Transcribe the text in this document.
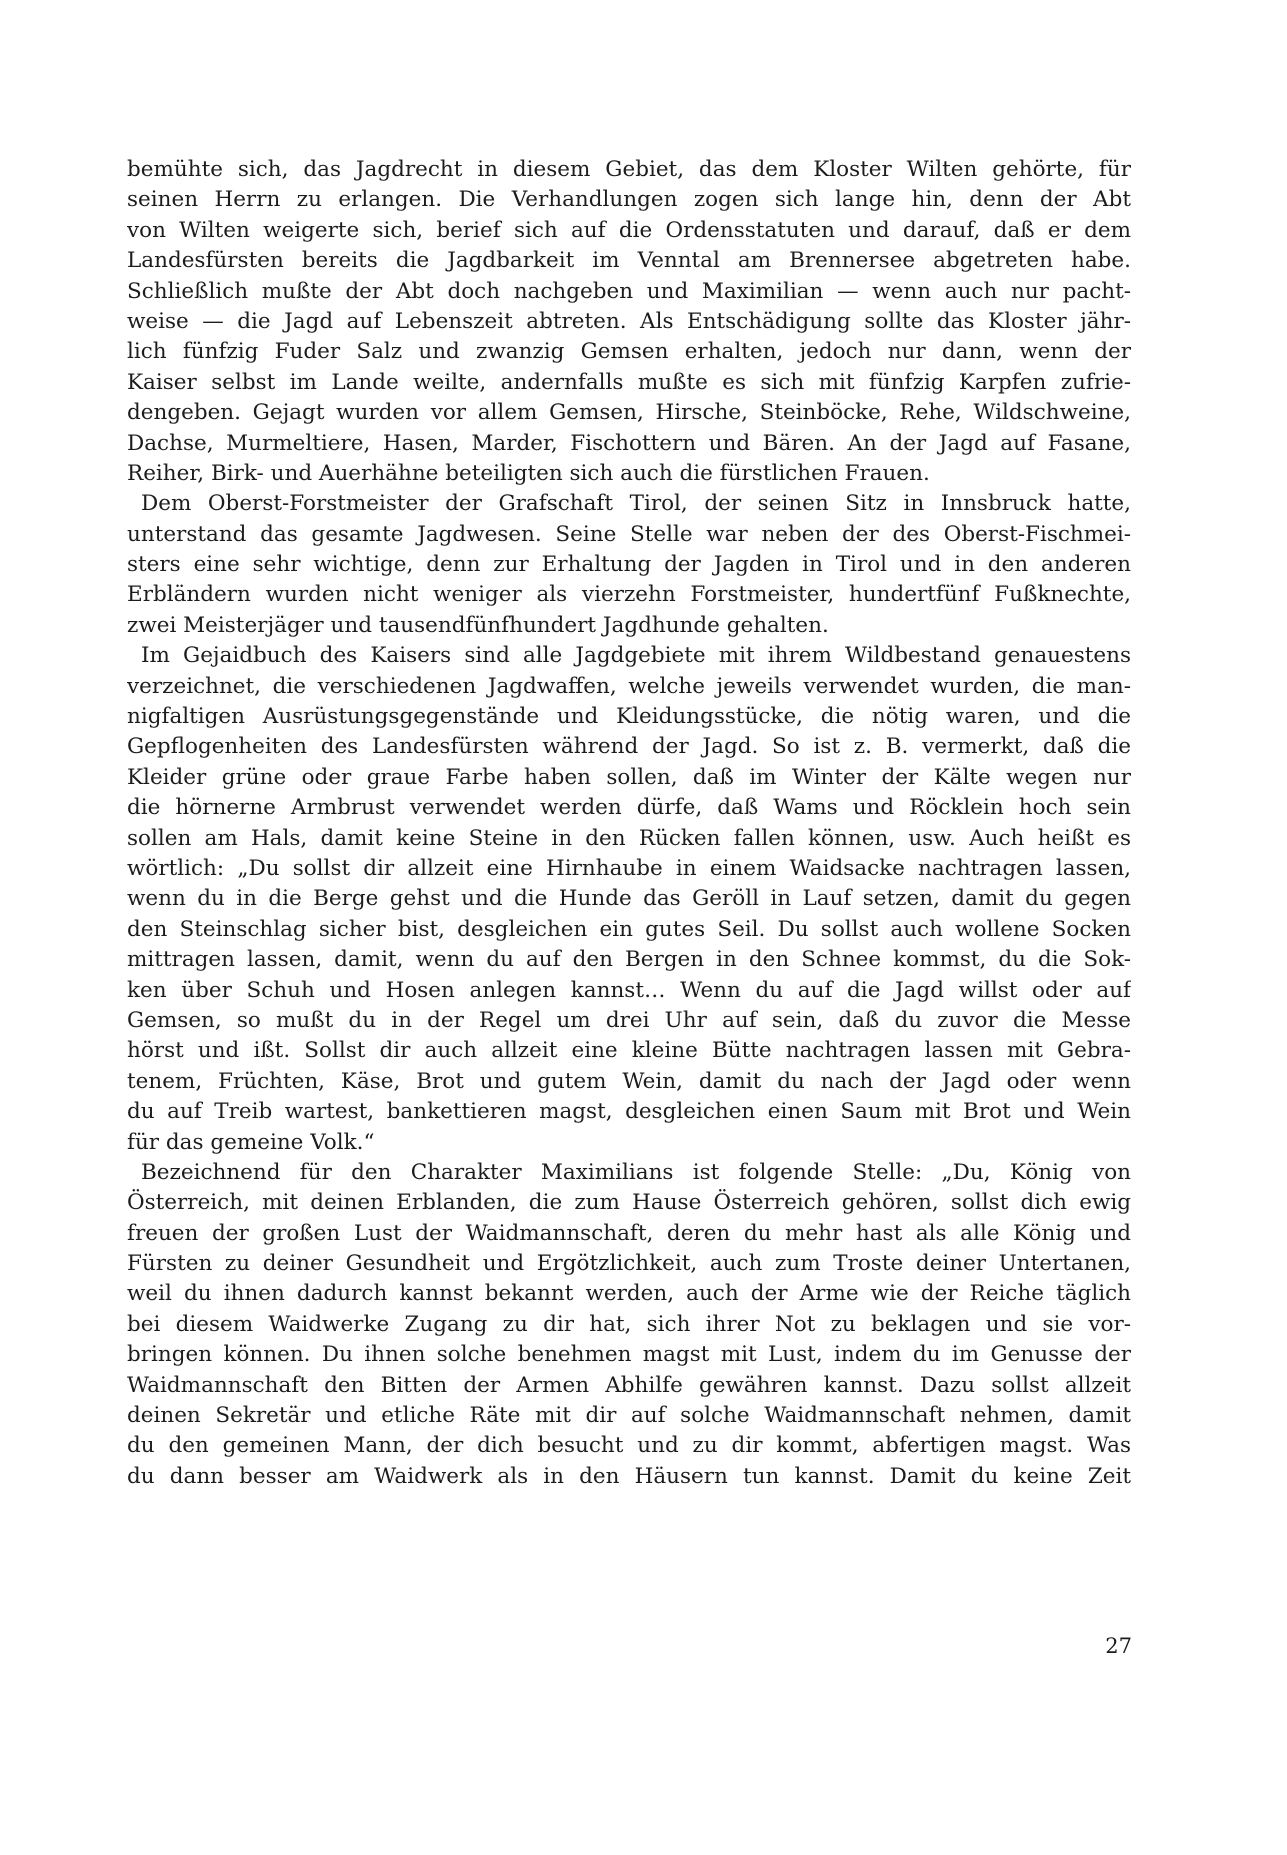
bemühte sich, das Jagdrecht in diesem Gebiet, das dem Kloster Wilten gehörte, für
seinen Herrn zu erlangen. Die Verhandlungen zogen sich lange hin, denn der Abt
von Wilten weigerte sich, berief sich auf die Ordensstatuten und darauf, daß er dem
Landesfürsten bereits die Jagdbarkeit im Venntal am Brennersee abgetreten habe.
Schließlich mußte der Abt doch nachgeben und Maximilian — wenn auch nur pacht-
weise — die Jagd auf Lebenszeit abtreten. Als Entschädigung sollte das Kloster jähr-
lich fünfzig Fuder Salz und zwanzig Gemsen erhalten, jedoch nur dann, wenn der
Kaiser selbst im Lande weilte, andernfalls mußte es sich mit fünfzig Karpfen zufrie-
dengeben. Gejagt wurden vor allem Gemsen, Hirsche, Steinböcke, Rehe, Wildschweine,
Dachse, Murmeltiere, Hasen, Marder, Fischottern und Bären. An der Jagd auf Fasane,
Reiher, Birk- und Auerhähne beteiligten sich auch die fürstlichen Frauen.
Dem Oberst-Forstmeister der Grafschaft Tirol, der seinen Sitz in Innsbruck hatte,
unterstand das gesamte Jagdwesen. Seine Stelle war neben der des Oberst-Fischmei-
sters eine sehr wichtige, denn zur Erhaltung der Jagden in Tirol und in den anderen
Erbländern wurden nicht weniger als vierzehn Forstmeister, hundertfünf Fußknechte,
zwei Meisterjäger und tausendfünfhundert Jagdhunde gehalten.
Im Gejaidbuch des Kaisers sind alle Jagdgebiete mit ihrem Wildbestand genauestens
verzeichnet, die verschiedenen Jagdwaffen, welche jeweils verwendet wurden, die man-
nigfaltigen Ausrüstungsgegenstände und Kleidungsstücke, die nötig waren, und die
Gepflogenheiten des Landesfürsten während der Jagd. So ist z. B. vermerkt, daß die
Kleider grüne oder graue Farbe haben sollen, daß im Winter der Kälte wegen nur
die hörnerne Armbrust verwendet werden dürfe, daß Wams und Röcklein hoch sein
sollen am Hals, damit keine Steine in den Rücken fallen können, usw. Auch heißt es
wörtlich: „Du sollst dir allzeit eine Hirnhaube in einem Waidsacke nachtragen lassen,
wenn du in die Berge gehst und die Hunde das Geröll in Lauf setzen, damit du gegen
den Steinschlag sicher bist, desgleichen ein gutes Seil. Du sollst auch wollene Socken
mittragen lassen, damit, wenn du auf den Bergen in den Schnee kommst, du die Sok-
ken über Schuh und Hosen anlegen kannst… Wenn du auf die Jagd willst oder auf
Gemsen, so mußt du in der Regel um drei Uhr auf sein, daß du zuvor die Messe
hörst und ißt. Sollst dir auch allzeit eine kleine Bütte nachtragen lassen mit Gebra-
tenem, Früchten, Käse, Brot und gutem Wein, damit du nach der Jagd oder wenn
du auf Treib wartest, bankettieren magst, desgleichen einen Saum mit Brot und Wein
für das gemeine Volk.“
Bezeichnend für den Charakter Maximilians ist folgende Stelle: „Du, König von
Österreich, mit deinen Erblanden, die zum Hause Österreich gehören, sollst dich ewig
freuen der großen Lust der Waidmannschaft, deren du mehr hast als alle König und
Fürsten zu deiner Gesundheit und Ergötzlichkeit, auch zum Troste deiner Untertanen,
weil du ihnen dadurch kannst bekannt werden, auch der Arme wie der Reiche täglich
bei diesem Waidwerke Zugang zu dir hat, sich ihrer Not zu beklagen und sie vor-
bringen können. Du ihnen solche benehmen magst mit Lust, indem du im Genusse der
Waidmannschaft den Bitten der Armen Abhilfe gewähren kannst. Dazu sollst allzeit
deinen Sekretär und etliche Räte mit dir auf solche Waidmannschaft nehmen, damit
du den gemeinen Mann, der dich besucht und zu dir kommt, abfertigen magst. Was
du dann besser am Waidwerk als in den Häusern tun kannst. Damit du keine Zeit
27
